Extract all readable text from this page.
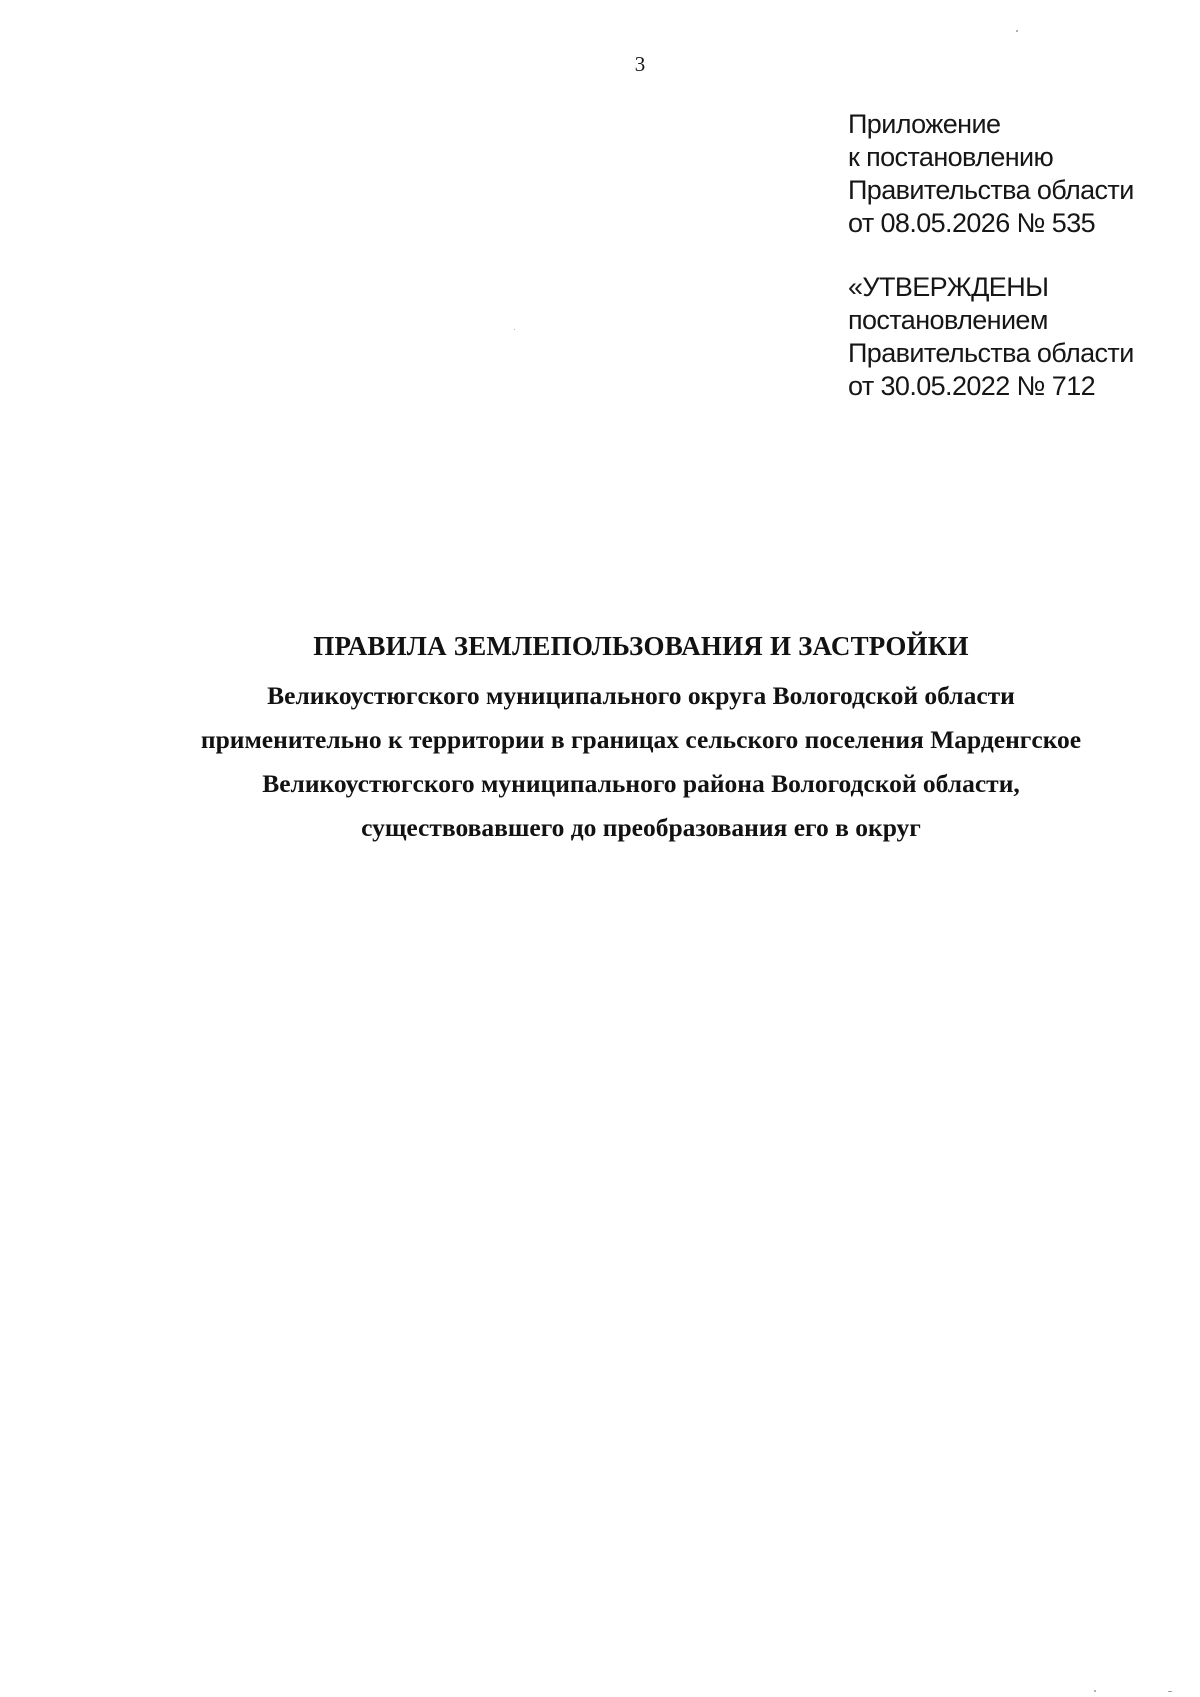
3
Приложение
к постановлению
Правительства области
от 08.05.2026 № 535
«УТВЕРЖДЕНЫ
постановлением
Правительства области
от 30.05.2022 № 712
ПРАВИЛА ЗЕМЛЕПОЛЬЗОВАНИЯ И ЗАСТРОЙКИ
Великоустюгского муниципального округа Вологодской области
применительно к территории в границах сельского поселения Марденгское
Великоустюгского муниципального района Вологодской области,
существовавшего до преобразования его в округ
